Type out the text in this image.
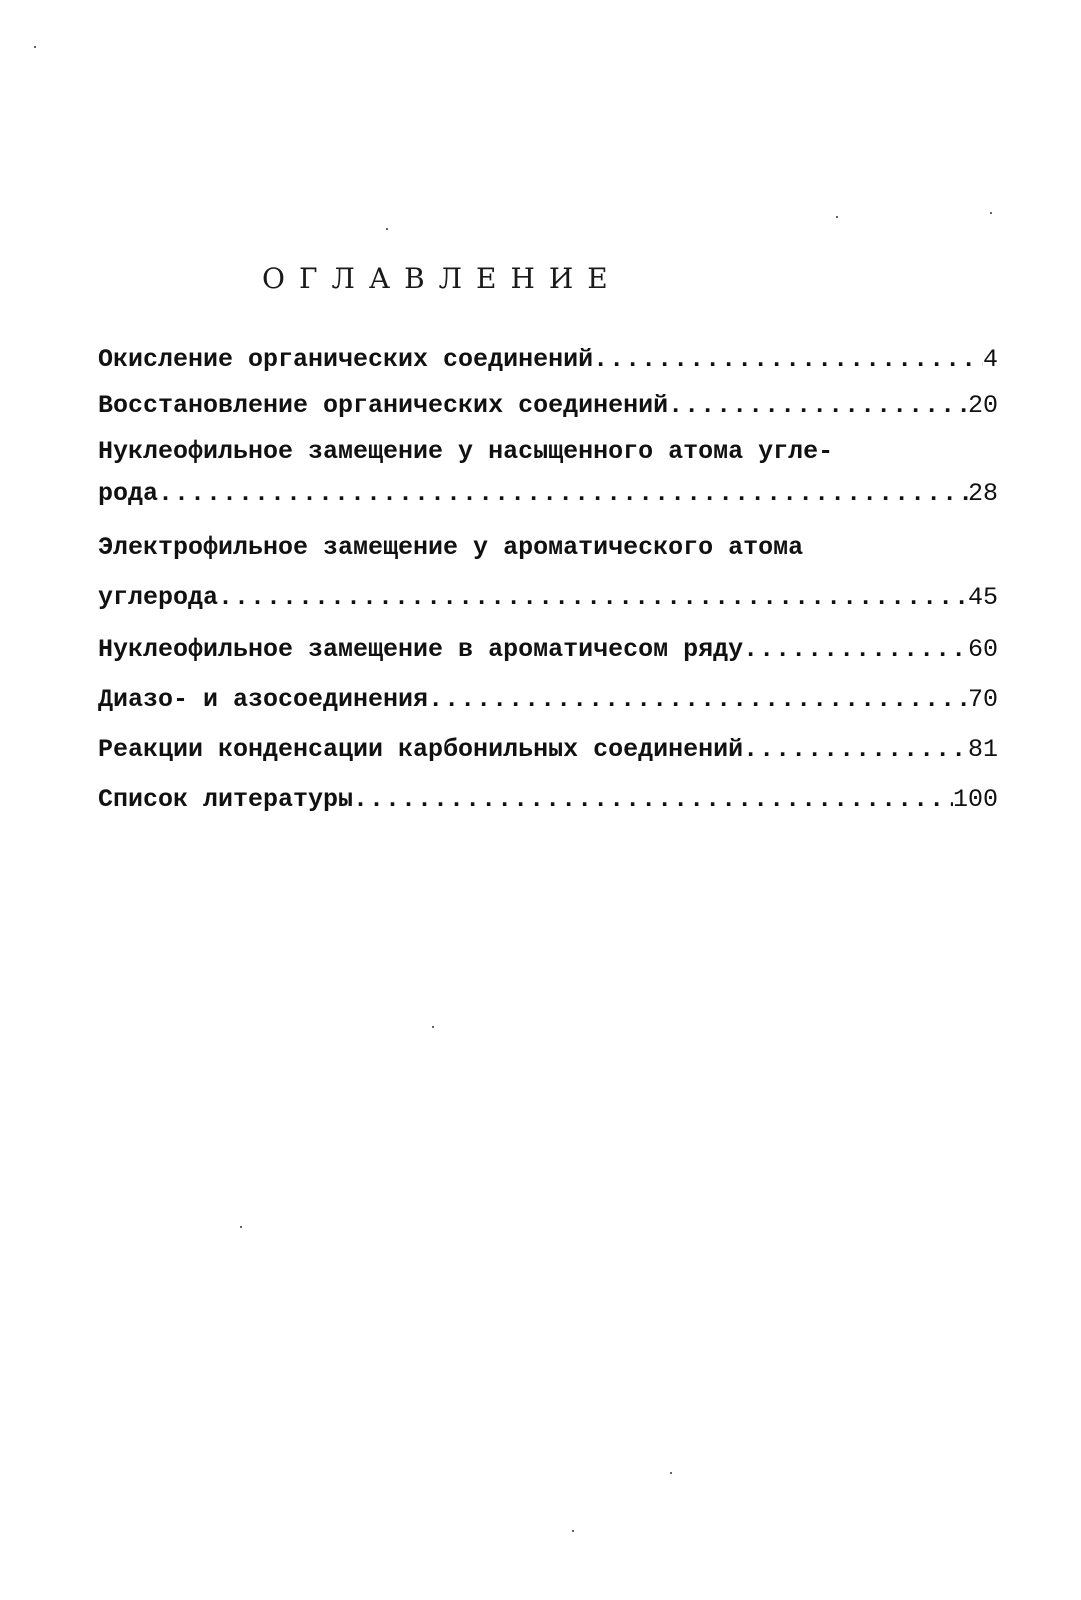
ОГЛАВЛЕНИЕ
Окисление органических соединений .....	4
Восстановление органических соединений .....	20
Нуклеофильное замещение у насыщенного атома угле-
рода .....	28
Электрофильное замещение у ароматического атома
углерода .....	45
Нуклеофильное замещение в ароматичесом ряду .....	60
Диазо- и азосоединения .....	70
Реакции конденсации карбонильных соединений .....	81
Список литературы .....	100
